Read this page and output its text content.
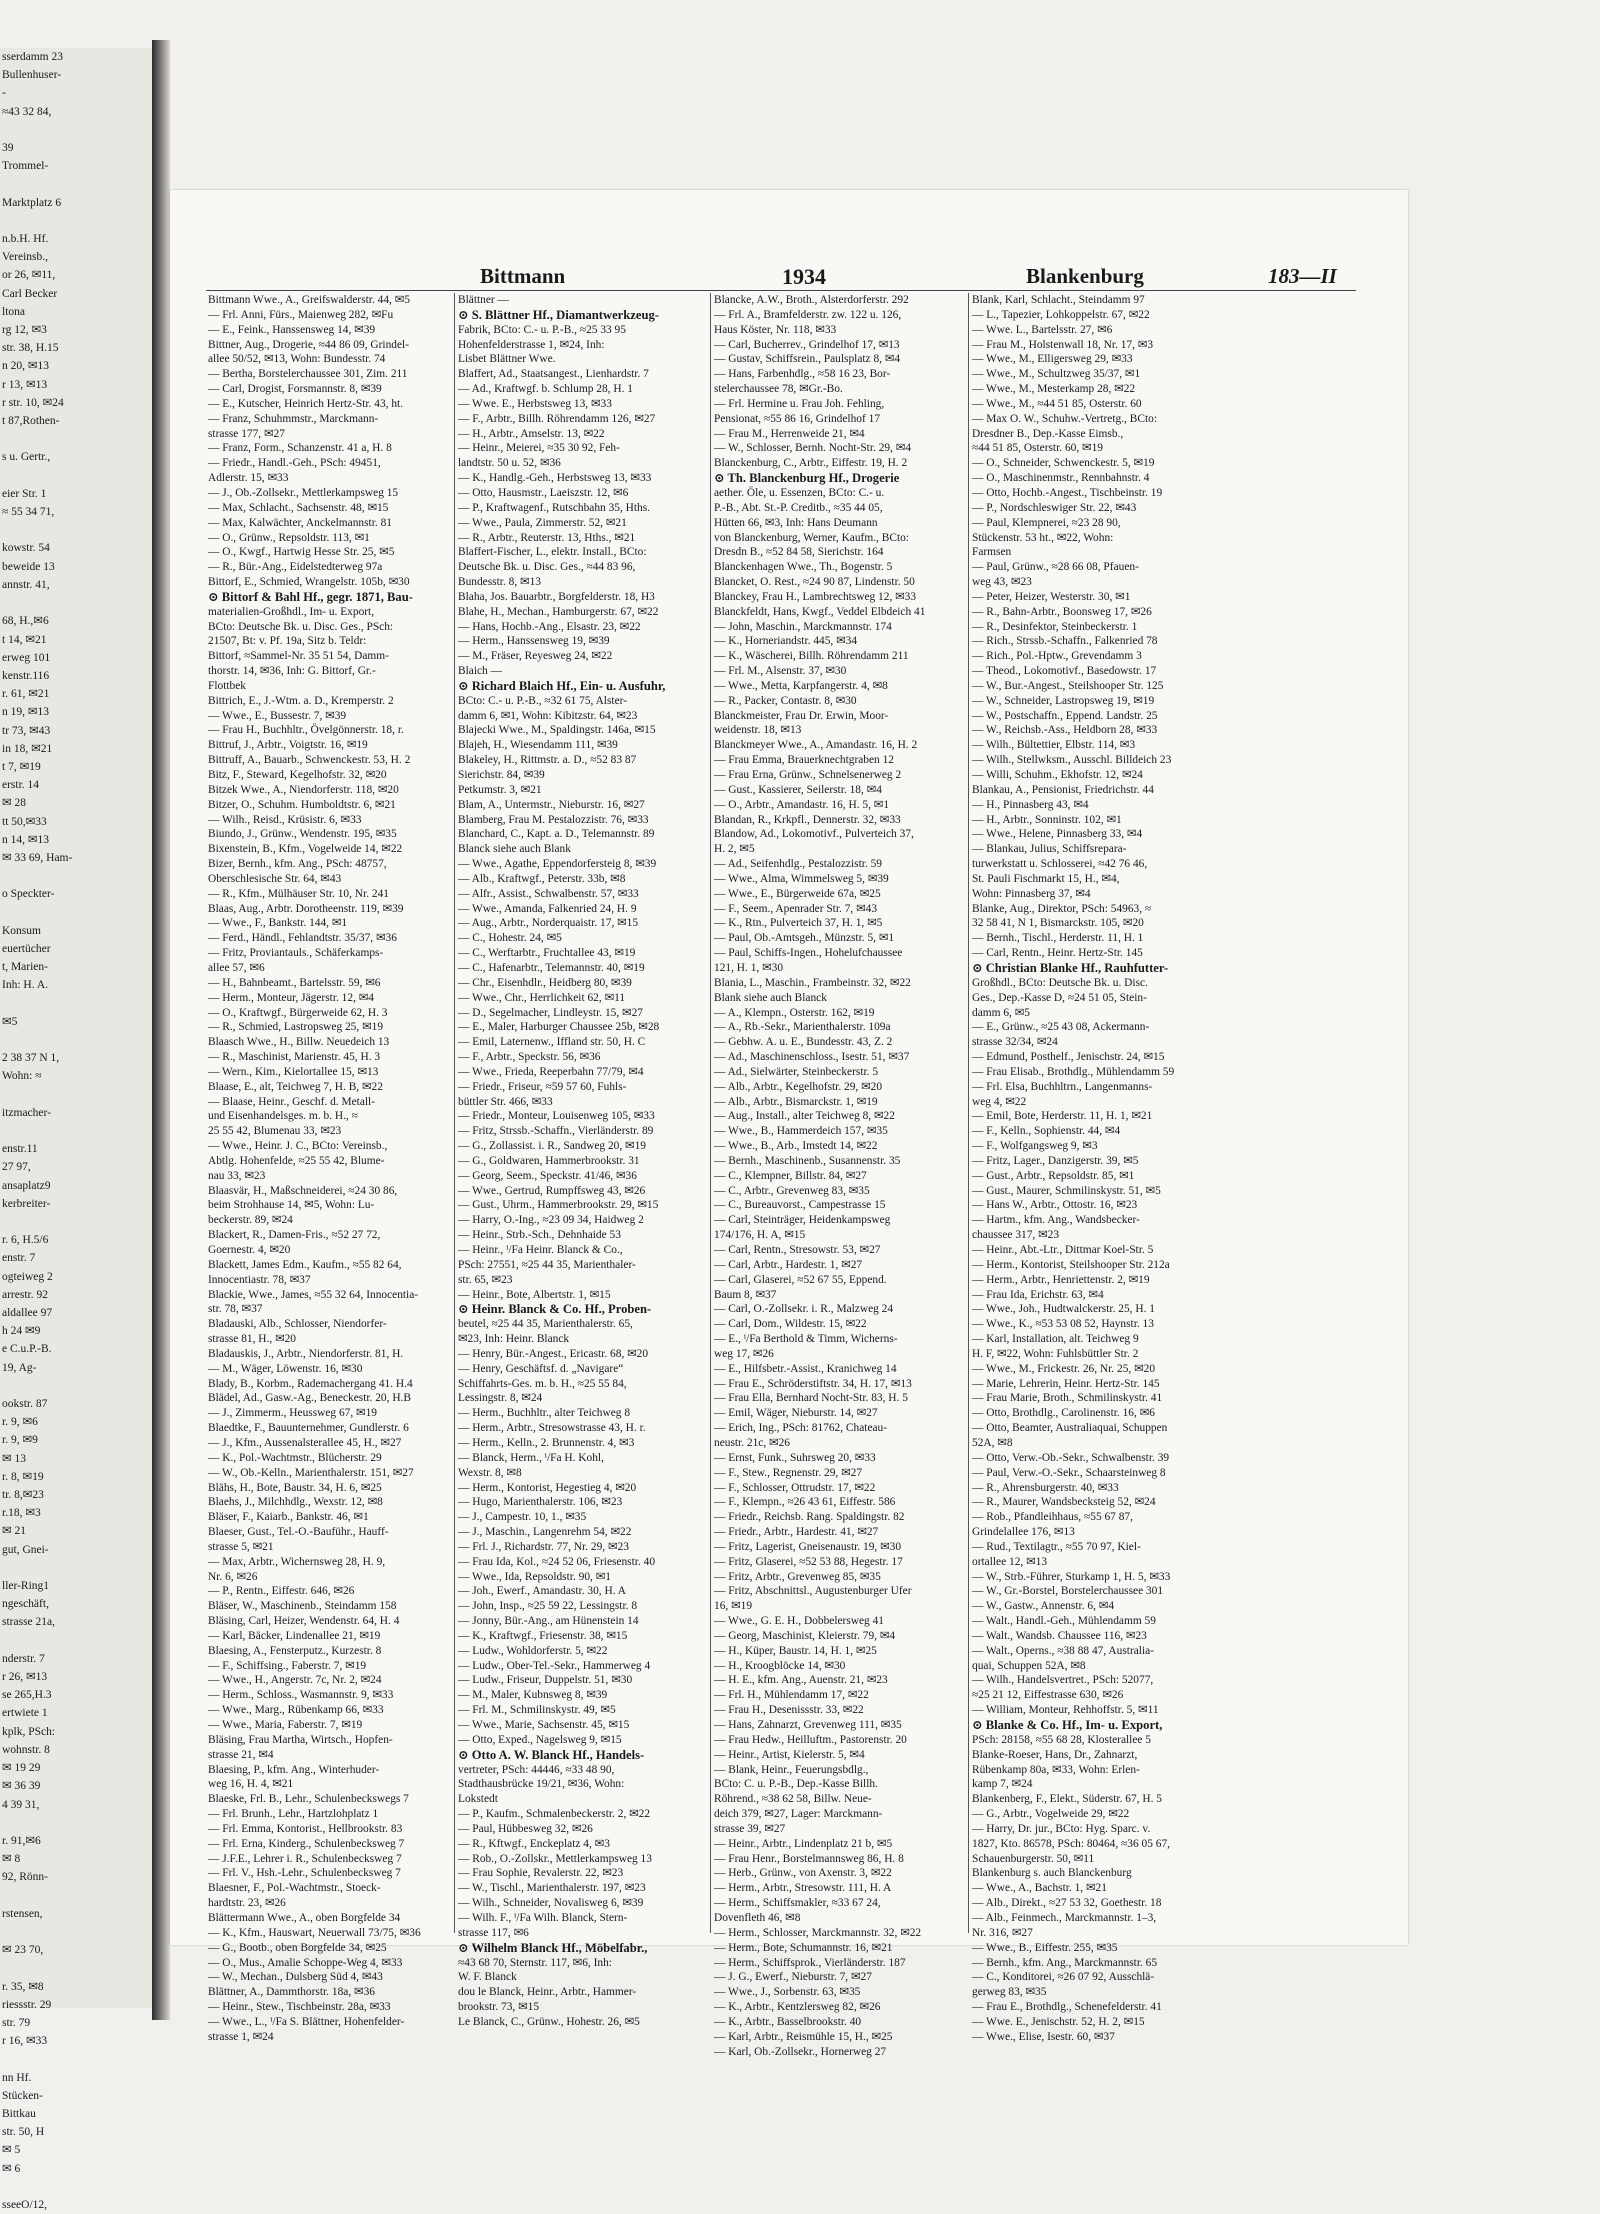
sserdamm 23
Bullenhuser-
-
≈43 32 84,

39
Trommel-

Marktplatz 6

n.b.H. Hf.
Vereinsb.,
or 26, ✉11,
Carl Becker
ltona
rg 12, ✉3
str. 38, H.15
n 20, ✉13
r 13, ✉13
r str. 10, ✉24
t 87,Rothen-

s u. Gertr.,

eier Str. 1
≈ 55 34 71,

kowstr. 54
beweide 13
annstr. 41,

68, H.,✉6
t 14, ✉21
erweg 101
kenstr.116
r. 61, ✉21
n 19, ✉13
tr 73, ✉43
in 18, ✉21
t 7, ✉19
erstr. 14
✉ 28
tt 50,✉33
n 14, ✉13
✉ 33 69, Ham-

o Speckter-

Konsum
euertücher
t, Marien-
Inh: H. A.

✉5

2 38 37 N 1,
Wohn: ≈

itzmacher-

enstr.11
27 97,
ansaplatz9
kerbreiter-

r. 6, H.5/6
enstr. 7
ogteiweg 2
arrestr. 92
aldallee 97
h 24 ✉9
e C.u.P.-B.
19, Ag-

ookstr. 87
r. 9, ✉6
r. 9, ✉9
✉ 13
r. 8, ✉19
tr. 8,✉23
r.18, ✉3
✉ 21
gut, Gnei-

ller-Ring1
ngeschäft,
strasse 21a,

nderstr. 7
r 26, ✉13
se 265,H.3
ertwiete 1
kplk, PSch:
wohnstr. 8
✉ 19 29
✉ 36 39
4 39 31,

r. 91,✉6
✉ 8
92, Rönn-

rstensen,

✉ 23 70,

r. 35, ✉8
riessstr. 29
str. 79
r 16, ✉33

nn Hf.
Stücken-
Bittkau
str. 50, H
✉ 5
✉ 6

sseeO/12,
Bittmann	1934	Blankenburg	183—II
Bittmann Wwe., A., Greifswalderstr. 44, ✉5
— Frl. Anni, Fürs., Maienweg 282, ✉Fu
— E., Feink., Hanssensweg 14, ✉39
Bittner, Aug., Drogerie, ≈44 86 09, Grindel-
allee 50/52, ✉13, Wohn: Bundesstr. 74
— Bertha, Borstelerchaussee 301, Zim. 211
— Carl, Drogist, Forsmannstr. 8, ✉39
— E., Kutscher, Heinrich Hertz-Str. 43, ht.
— Franz, Schuhmmstr., Marckmann-
strasse 177, ✉27
— Franz, Form., Schanzenstr. 41 a, H. 8
— Friedr., Handl.-Geh., PSch: 49451,
Adlerstr. 15, ✉33
— J., Ob.-Zollsekr., Mettlerkampsweg 15
— Max, Schlacht., Sachsenstr. 48, ✉15
— Max, Kalwächter, Anckelmannstr. 81
— O., Grünw., Repsoldstr. 113, ✉1
— O., Kwgf., Hartwig Hesse Str. 25, ✉5
— R., Bür.-Ang., Eidelstedterweg 97a
Bittorf, E., Schmied, Wrangelstr. 105b, ✉30
⊙ Bittorf & Bahl Hf., gegr. 1871, Bau-
materialien-Großhdl., Im- u. Export,
BCto: Deutsche Bk. u. Disc. Ges., PSch:
21507, Bt: v. Pf. 19a, Sitz b. Teldr:
Bittorf, ≈Sammel-Nr. 35 51 54, Damm-
thorstr. 14, ✉36, Inh: G. Bittorf, Gr.-
Flottbek
Bittrich, E., J.-Wtm. a. D., Kremperstr. 2
— Wwe., E., Bussestr. 7, ✉39
— Frau H., Buchhltr., Övelgönnerstr. 18, r.
Bittruf, J., Arbtr., Voigtstr. 16, ✉19
Bittruff, A., Bauarb., Schwenckestr. 53, H. 2
Bitz, F., Steward, Kegelhofstr. 32, ✉20
Bitzek Wwe., A., Niendorferstr. 118, ✉20
Bitzer, O., Schuhm. Humboldtstr. 6, ✉21
— Wilh., Reisd., Krüsistr. 6, ✉33
Biundo, J., Grünw., Wendenstr. 195, ✉35
Bixenstein, B., Kfm., Vogelweide 14, ✉22
Bizer, Bernh., kfm. Ang., PSch: 48757,
Oberschlesische Str. 64, ✉43
— R., Kfm., Mülhäuser Str. 10, Nr. 241
Blaas, Aug., Arbtr. Dorotheenstr. 119, ✉39
— Wwe., F., Bankstr. 144, ✉1
— Ferd., Händl., Fehlandtstr. 35/37, ✉36
— Fritz, Proviantauls., Schäferkamps-
allee 57, ✉6
— H., Bahnbeamt., Bartelsstr. 59, ✉6
— Herm., Monteur, Jägerstr. 12, ✉4
— O., Kraftwgf., Bürgerweide 62, H. 3
— R., Schmied, Lastropsweg 25, ✉19
Blaasch Wwe., H., Billw. Neuedeich 13
— R., Maschinist, Marienstr. 45, H. 3
— Wern., Kim., Kielortallee 15, ✉13
Blaase, E., alt, Teichweg 7, H. B, ✉22
— Blaase, Heinr., Geschf. d. Metall-
und Eisenhandelsges. m. b. H., ≈
25 55 42, Blumenau 33, ✉23
— Wwe., Heinr. J. C., BCto: Vereinsb.,
Abtlg. Hohenfelde, ≈25 55 42, Blume-
nau 33, ✉23
Blaasvär, H., Maßschneiderei, ≈24 30 86,
beim Strohhause 14, ✉5, Wohn: Lu-
beckerstr. 89, ✉24
Blackert, R., Damen-Fris., ≈52 27 72,
Goernestr. 4, ✉20
Blackett, James Edm., Kaufm., ≈55 82 64,
Innocentiastr. 78, ✉37
Blackie, Wwe., James, ≈55 32 64, Innocentia-
str. 78, ✉37
Bladauski, Alb., Schlosser, Niendorfer-
strasse 81, H., ✉20
Bladauskis, J., Arbtr., Niendorferstr. 81, H.
— M., Wäger, Löwenstr. 16, ✉30
Blady, B., Korbm., Rademachergang 41. H.4
Blädel, Ad., Gasw.-Ag., Beneckestr. 20, H.B
— J., Zimmerm., Heussweg 67, ✉19
Blaedtke, F., Bauunternehmer, Gundlerstr. 6
— J., Kfm., Aussenalsterallee 45, H., ✉27
— K., Pol.-Wachtmstr., Blücherstr. 29
— W., Ob.-Kelln., Marienthalerstr. 151, ✉27
Blähs, H., Bote, Baustr. 34, H. 6, ✉25
Blaehs, J., Milchhdlg., Wexstr. 12, ✉8
Bläser, F., Kaiarb., Bankstr. 46, ✉1
Blaeser, Gust., Tel.-O.-Bauführ., Hauff-
strasse 5, ✉21
— Max, Arbtr., Wichernsweg 28, H. 9,
Nr. 6, ✉26
— P., Rentn., Eiffestr. 646, ✉26
Bläser, W., Maschinenb., Steindamm 158
Bläsing, Carl, Heizer, Wendenstr. 64, H. 4
— Karl, Bäcker, Lindenallee 21, ✉19
Blaesing, A., Fensterputz., Kurzestr. 8
— F., Schiffsing., Faberstr. 7, ✉19
— Wwe., H., Angerstr. 7c, Nr. 2, ✉24
— Herm., Schloss., Wasmannstr. 9, ✉33
— Wwe., Marg., Rübenkamp 66, ✉33
— Wwe., Maria, Faberstr. 7, ✉19
Bläsing, Frau Martha, Wirtsch., Hopfen-
strasse 21, ✉4
Blaesing, P., kfm. Ang., Winterhuder-
weg 16, H. 4, ✉21
Blaeske, Frl. B., Lehr., Schulenbeckswegs 7
— Frl. Brunh., Lehr., Hartzlohplatz 1
— Frl. Emma, Kontorist., Hellbrookstr. 83
— Frl. Erna, Kinderg., Schulenbecksweg 7
— J.F.E., Lehrer i. R., Schulenbecksweg 7
— Frl. V., Hsh.-Lehr., Schulenbecksweg 7
Blaesner, F., Pol.-Wachtmstr., Stoeck-
hardtstr. 23, ✉26
Blättermann Wwe., A., oben Borgfelde 34
— K., Kfm., Hauswart, Neuerwall 73/75, ✉36
— G., Bootb., oben Borgfelde 34, ✉25
— O., Mus., Amalie Schoppe-Weg 4, ✉33
— W., Mechan., Dulsberg Süd 4, ✉43
Blättner, A., Dammthorstr. 18a, ✉36
— Heinr., Stew., Tischbeinstr. 28a, ✉33
— Wwe., L., ⁱ/Fa S. Blättner, Hohenfelder-
strasse 1, ✉24
Blättner —
⊙ S. Blättner Hf., Diamantwerkzeug-
Fabrik, BCto: C.- u. P.-B., ≈25 33 95
Hohenfelderstrasse 1, ✉24, Inh:
Lisbet Blättner Wwe.
Blaffert, Ad., Staatsangest., Lienhardstr. 7
— Ad., Kraftwgf. b. Schlump 28, H. 1
— Wwe. E., Herbstsweg 13, ✉33
— F., Arbtr., Billh. Röhrendamm 126, ✉27
— H., Arbtr., Amselstr. 13, ✉22
— Heinr., Meierei, ≈35 30 92, Feh-
landtstr. 50 u. 52, ✉36
— K., Handlg.-Geh., Herbstsweg 13, ✉33
— Otto, Hausmstr., Laeiszstr. 12, ✉6
— P., Kraftwagenf., Rutschbahn 35, Hths.
— Wwe., Paula, Zimmerstr. 52, ✉21
— R., Arbtr., Reuterstr. 13, Hths., ✉21
Blaffert-Fischer, L., elektr. Install., BCto:
Deutsche Bk. u. Disc. Ges., ≈44 83 96,
Bundesstr. 8, ✉13
Blaha, Jos. Bauarbtr., Borgfelderstr. 18, H3
Blahe, H., Mechan., Hamburgerstr. 67, ✉22
— Hans, Hochb.-Ang., Elsastr. 23, ✉22
— Herm., Hanssensweg 19, ✉39
— M., Fräser, Reyesweg 24, ✉22
Blaich —
⊙ Richard Blaich Hf., Ein- u. Ausfuhr,
BCto: C.- u. P.-B., ≈32 61 75, Alster-
damm 6, ✉1, Wohn: Kibitzstr. 64, ✉23
Blajecki Wwe., M., Spaldingstr. 146a, ✉15
Blajeh, H., Wiesendamm 111, ✉39
Blakeley, H., Rittmstr. a. D., ≈52 83 87
Sierichstr. 84, ✉39
Petkumstr. 3, ✉21
Blam, A., Untermstr., Nieburstr. 16, ✉27
Blamberg, Frau M. Pestalozzistr. 76, ✉33
Blanchard, C., Kapt. a. D., Telemannstr. 89
Blanck siehe auch Blank
— Wwe., Agathe, Eppendorfersteig 8, ✉39
— Alb., Kraftwgf., Peterstr. 33b, ✉8
— Alfr., Assist., Schwalbenstr. 57, ✉33
— Wwe., Amanda, Falkenried 24, H. 9
— Aug., Arbtr., Norderquaistr. 17, ✉15
— C., Hohestr. 24, ✉5
— C., Werftarbtr., Fruchtallee 43, ✉19
— C., Hafenarbtr., Telemannstr. 40, ✉19
— Chr., Eisenhdlr., Heidberg 80, ✉39
— Wwe., Chr., Herrlichkeit 62, ✉11
— D., Segelmacher, Lindleystr. 15, ✉27
— E., Maler, Harburger Chaussee 25b, ✉28
— Emil, Laternenw., Iffland str. 50, H. C
— F., Arbtr., Speckstr. 56, ✉36
— Wwe., Frieda, Reeperbahn 77/79, ✉4
— Friedr., Friseur, ≈59 57 60, Fuhls-
büttler Str. 466, ✉33
— Friedr., Monteur, Louisenweg 105, ✉33
— Fritz, Strssb.-Schaffn., Vierländerstr. 89
— G., Zollassist. i. R., Sandweg 20, ✉19
— G., Goldwaren, Hammerbrookstr. 31
— Georg, Seem., Speckstr. 41/46, ✉36
— Wwe., Gertrud, Rumpffsweg 43, ✉26
— Gust., Uhrm., Hammerbrookstr. 29, ✉15
— Harry, O.-Ing., ≈23 09 34, Haidweg 2
— Heinr., Strb.-Sch., Dehnhaide 53
— Heinr., ⁱ/Fa Heinr. Blanck & Co.,
PSch: 27551, ≈25 44 35, Marienthaler-
str. 65, ✉23
— Heinr., Bote, Albertstr. 1, ✉15
⊙ Heinr. Blanck & Co. Hf., Proben-
beutel, ≈25 44 35, Marienthalerstr. 65,
✉23, Inh: Heinr. Blanck
— Henry, Bür.-Angest., Ericastr. 68, ✉20
— Henry, Geschäftsf. d. „Navigare“
Schiffahrts-Ges. m. b. H., ≈25 55 84,
Lessingstr. 8, ✉24
— Herm., Buchhltr., alter Teichweg 8
— Herm., Arbtr., Stresowstrasse 43, H. r.
— Herm., Kelln., 2. Brunnenstr. 4, ✉3
— Blanck, Herm., ⁱ/Fa H. Kohl,
Wexstr. 8, ✉8
— Herm., Kontorist, Hegestieg 4, ✉20
— Hugo, Marienthalerstr. 106, ✉23
— J., Campestr. 10, 1., ✉35
— J., Maschin., Langenrehm 54, ✉22
— Frl. J., Richardstr. 77, Nr. 29, ✉23
— Frau Ida, Kol., ≈24 52 06, Friesenstr. 40
— Wwe., Ida, Repsoldstr. 90, ✉1
— Joh., Ewerf., Amandastr. 30, H. A
— John, Insp., ≈25 59 22, Lessingstr. 8
— Jonny, Bür.-Ang., am Hünenstein 14
— K., Kraftwgf., Friesenstr. 38, ✉15
— Ludw., Wohldorferstr. 5, ✉22
— Ludw., Ober-Tel.-Sekr., Hammerweg 4
— Ludw., Friseur, Duppelstr. 51, ✉30
— M., Maler, Kubnsweg 8, ✉39
— Frl. M., Schmilinskystr. 49, ✉5
— Wwe., Marie, Sachsenstr. 45, ✉15
— Otto, Exped., Nagelsweg 9, ✉15
⊙ Otto A. W. Blanck Hf., Handels-
vertreter, PSch: 44446, ≈33 48 90,
Stadthausbrücke 19/21, ✉36, Wohn:
Lokstedt
— P., Kaufm., Schmalenbeckerstr. 2, ✉22
— Paul, Hübbesweg 32, ✉26
— R., Kftwgf., Enckeplatz 4, ✉3
— Rob., O.-Zollskr., Mettlerkampsweg 13
— Frau Sophie, Revalerstr. 22, ✉23
— W., Tischl., Marienthalerstr. 197, ✉23
— Wilh., Schneider, Novalisweg 6, ✉39
— Wilh. F., ⁱ/Fa Wilh. Blanck, Stern-
strasse 117, ✉6
⊙ Wilhelm Blanck Hf., Möbelfabr.,
≈43 68 70, Sternstr. 117, ✉6, Inh:
W. F. Blanck
dou le Blanck, Heinr., Arbtr., Hammer-
brookstr. 73, ✉15
Le Blanck, C., Grünw., Hohestr. 26, ✉5
Blancke, A.W., Broth., Alsterdorferstr. 292
— Frl. A., Bramfelderstr. zw. 122 u. 126,
Haus Köster, Nr. 118, ✉33
— Carl, Bucherrev., Grindelhof 17, ✉13
— Gustav, Schiffsrein., Paulsplatz 8, ✉4
— Hans, Farbenhdlg., ≈58 16 23, Bor-
stelerchaussee 78, ✉Gr.-Bo.
— Frl. Hermine u. Frau Joh. Fehling,
Pensionat, ≈55 86 16, Grindelhof 17
— Frau M., Herrenweide 21, ✉4
— W., Schlosser, Bernh. Nocht-Str. 29, ✉4
Blanckenburg, C., Arbtr., Eiffestr. 19, H. 2
⊙ Th. Blanckenburg Hf., Drogerie
aether. Öle, u. Essenzen, BCto: C.- u.
P.-B., Abt. St.-P. Creditb., ≈35 44 05,
Hütten 66, ✉3, Inh: Hans Deumann
von Blanckenburg, Werner, Kaufm., BCto:
Dresdn B., ≈52 84 58, Sierichstr. 164
Blanckenhagen Wwe., Th., Bogenstr. 5
Blancket, O. Rest., ≈24 90 87, Lindenstr. 50
Blanckey, Frau H., Lambrechtsweg 12, ✉33
Blanckfeldt, Hans, Kwgf., Veddel Elbdeich 41
— John, Maschin., Marckmannstr. 174
— K., Horneriandstr. 445, ✉34
— K., Wäscherei, Billh. Röhrendamm 211
— Frl. M., Alsenstr. 37, ✉30
— Wwe., Metta, Karpfangerstr. 4, ✉8
— R., Packer, Contastr. 8, ✉30
Blanckmeister, Frau Dr. Erwin, Moor-
weidenstr. 18, ✉13
Blanckmeyer Wwe., A., Amandastr. 16, H. 2
— Frau Emma, Brauerknechtgraben 12
— Frau Erna, Grünw., Schnelsenerweg 2
— Gust., Kassierer, Seilerstr. 18, ✉4
— O., Arbtr., Amandastr. 16, H. 5, ✉1
Blandan, R., Krkpfl., Dennerstr. 32, ✉33
Blandow, Ad., Lokomotivf., Pulverteich 37,
H. 2, ✉5
— Ad., Seifenhdlg., Pestalozzistr. 59
— Wwe., Alma, Wimmelsweg 5, ✉39
— Wwe., E., Bürgerweide 67a, ✉25
— F., Seem., Apenrader Str. 7, ✉43
— K., Rtn., Pulverteich 37, H. 1, ✉5
— Paul, Ob.-Amtsgeh., Münzstr. 5, ✉1
— Paul, Schiffs-Ingen., Hohelufchaussee
121, H. 1, ✉30
Blania, L., Maschin., Frambeinstr. 32, ✉22
Blank siehe auch Blanck
— A., Klempn., Osterstr. 162, ✉19
— A., Rb.-Sekr., Marienthalerstr. 109a
— Gebhw. A. u. E., Bundesstr. 43, Z. 2
— Ad., Maschinenschloss., Isestr. 51, ✉37
— Ad., Sielwärter, Steinbeckerstr. 5
— Alb., Arbtr., Kegelhofstr. 29, ✉20
— Alb., Arbtr., Bismarckstr. 1, ✉19
— Aug., Install., alter Teichweg 8, ✉22
— Wwe., B., Hammerdeich 157, ✉35
— Wwe., B., Arb., Imstedt 14, ✉22
— Bernh., Maschinenb., Susannenstr. 35
— C., Klempner, Billstr. 84, ✉27
— C., Arbtr., Grevenweg 83, ✉35
— C., Bureauvorst., Campestrasse 15
— Carl, Steinträger, Heidenkampsweg
174/176, H. A, ✉15
— Carl, Rentn., Stresowstr. 53, ✉27
— Carl, Arbtr., Hardestr. 1, ✉27
— Carl, Glaserei, ≈52 67 55, Eppend.
Baum 8, ✉37
— Carl, O.-Zollsekr. i. R., Malzweg 24
— Carl, Dom., Wildestr. 15, ✉22
— E., ⁱ/Fa Berthold & Timm, Wicherns-
weg 17, ✉26
— E., Hilfsbetr.-Assist., Kranichweg 14
— Frau E., Schröderstiftstr. 34, H. 17, ✉13
— Frau Ella, Bernhard Nocht-Str. 83, H. 5
— Emil, Wäger, Nieburstr. 14, ✉27
— Erich, Ing., PSch: 81762, Chateau-
neustr. 21c, ✉26
— Ernst, Funk., Suhrsweg 20, ✉33
— F., Stew., Regnenstr. 29, ✉27
— F., Schlosser, Ottrudstr. 17, ✉22
— F., Klempn., ≈26 43 61, Eiffestr. 586
— Friedr., Reichsb. Rang. Spaldingstr. 82
— Friedr., Arbtr., Hardestr. 41, ✉27
— Fritz, Lagerist, Gneisenaustr. 19, ✉30
— Fritz, Glaserei, ≈52 53 88, Hegestr. 17
— Fritz, Arbtr., Grevenweg 85, ✉35
— Fritz, Abschnittsl., Augustenburger Ufer
16, ✉19
— Wwe., G. E. H., Dobbelersweg 41
— Georg, Maschinist, Kleierstr. 79, ✉4
— H., Küper, Baustr. 14, H. 1, ✉25
— H., Kroogblöcke 14, ✉30
— H. E., kfm. Ang., Auenstr. 21, ✉23
— Frl. H., Mühlendamm 17, ✉22
— Frau H., Desenissstr. 33, ✉22
— Hans, Zahnarzt, Grevenweg 111, ✉35
— Frau Hedw., Heilluftm., Pastorenstr. 20
— Heinr., Artist, Kielerstr. 5, ✉4
— Blank, Heinr., Feuerungsbdlg.,
BCto: C. u. P.-B., Dep.-Kasse Billh.
Röhrend., ≈38 62 58, Billw. Neue-
deich 379, ✉27, Lager: Marckmann-
strasse 39, ✉27
— Heinr., Arbtr., Lindenplatz 21 b, ✉5
— Frau Henr., Borstelmannsweg 86, H. 8
— Herb., Grünw., von Axenstr. 3, ✉22
— Herm., Arbtr., Stresowstr. 111, H. A
— Herm., Schiffsmakler, ≈33 67 24,
Dovenfleth 46, ✉8
— Herm., Schlosser, Marckmannstr. 32, ✉22
— Herm., Bote, Schumannstr. 16, ✉21
— Herm., Schiffsprok., Vierländerstr. 187
— J. G., Ewerf., Nieburstr. 7, ✉27
— Wwe., J., Sorbenstr. 63, ✉35
— K., Arbtr., Kentzlersweg 82, ✉26
— K., Arbtr., Basselbrookstr. 40
— Karl, Arbtr., Reismühle 15, H., ✉25
— Karl, Ob.-Zollsekr., Hornerweg 27
Blank, Karl, Schlacht., Steindamm 97
— L., Tapezier, Lohkoppelstr. 67, ✉22
— Wwe. L., Bartelsstr. 27, ✉6
— Frau M., Holstenwall 18, Nr. 17, ✉3
— Wwe., M., Elligersweg 29, ✉33
— Wwe., M., Schultzweg 35/37, ✉1
— Wwe., M., Mesterkamp 28, ✉22
— Wwe., M., ≈44 51 85, Osterstr. 60
— Max O. W., Schuhw.-Vertretg., BCto:
Dresdner B., Dep.-Kasse Eimsb.,
≈44 51 85, Osterstr. 60, ✉19
— O., Schneider, Schwenckestr. 5, ✉19
— O., Maschinenmstr., Rennbahnstr. 4
— Otto, Hochb.-Angest., Tischbeinstr. 19
— P., Nordschleswiger Str. 22, ✉43
— Paul, Klempnerei, ≈23 28 90,
Stückenstr. 53 ht., ✉22, Wohn:
Farmsen
— Paul, Grünw., ≈28 66 08, Pfauen-
weg 43, ✉23
— Peter, Heizer, Westerstr. 30, ✉1
— R., Bahn-Arbtr., Boonsweg 17, ✉26
— R., Desinfektor, Steinbeckerstr. 1
— Rich., Strssb.-Schaffn., Falkenried 78
— Rich., Pol.-Hptw., Grevendamm 3
— Theod., Lokomotivf., Basedowstr. 17
— W., Bur.-Angest., Steilshooper Str. 125
— W., Schneider, Lastropsweg 19, ✉19
— W., Postschaffn., Eppend. Landstr. 25
— W., Reichsb.-Ass., Heldborn 28, ✉33
— Wilh., Bültettier, Elbstr. 114, ✉3
— Wilh., Stellwksm., Ausschl. Billdeich 23
— Willi, Schuhm., Ekhofstr. 12, ✉24
Blankau, A., Pensionist, Friedrichstr. 44
— H., Pinnasberg 43, ✉4
— H., Arbtr., Sonninstr. 102, ✉1
— Wwe., Helene, Pinnasberg 33, ✉4
— Blankau, Julius, Schiffsrepara-
turwerkstatt u. Schlosserei, ≈42 76 46,
St. Pauli Fischmarkt 15, H., ✉4,
Wohn: Pinnasberg 37, ✉4
Blanke, Aug., Direktor, PSch: 54963, ≈
32 58 41, N 1, Bismarckstr. 105, ✉20
— Bernh., Tischl., Herderstr. 11, H. 1
— Carl, Rentn., Heinr. Hertz-Str. 145
⊙ Christian Blanke Hf., Rauhfutter-
Großhdl., BCto: Deutsche Bk. u. Disc.
Ges., Dep.-Kasse D, ≈24 51 05, Stein-
damm 6, ✉5
— E., Grünw., ≈25 43 08, Ackermann-
strasse 32/34, ✉24
— Edmund, Posthelf., Jenischstr. 24, ✉15
— Frau Elisab., Brothdlg., Mühlendamm 59
— Frl. Elsa, Buchhltrn., Langenmanns-
weg 4, ✉22
— Emil, Bote, Herderstr. 11, H. 1, ✉21
— F., Kelln., Sophienstr. 44, ✉4
— F., Wolfgangsweg 9, ✉3
— Fritz, Lager., Danzigerstr. 39, ✉5
— Gust., Arbtr., Repsoldstr. 85, ✉1
— Gust., Maurer, Schmilinskystr. 51, ✉5
— Hans W., Arbtr., Ottostr. 16, ✉23
— Hartm., kfm. Ang., Wandsbecker-
chaussee 317, ✉23
— Heinr., Abt.-Ltr., Dittmar Koel-Str. 5
— Herm., Kontorist, Steilshooper Str. 212a
— Herm., Arbtr., Henriettenstr. 2, ✉19
— Frau Ida, Erichstr. 63, ✉4
— Wwe., Joh., Hudtwalckerstr. 25, H. 1
— Wwe., K., ≈53 53 08 52, Haynstr. 13
— Karl, Installation, alt. Teichweg 9
H. F, ✉22, Wohn: Fuhlsbüttler Str. 2
— Wwe., M., Frickestr. 26, Nr. 25, ✉20
— Marie, Lehrerin, Heinr. Hertz-Str. 145
— Frau Marie, Broth., Schmilinskystr. 41
— Otto, Brothdlg., Carolinenstr. 16, ✉6
— Otto, Beamter, Australiaquai, Schuppen
52A, ✉8
— Otto, Verw.-Ob.-Sekr., Schwalbenstr. 39
— Paul, Verw.-O.-Sekr., Schaarsteinweg 8
— R., Ahrensburgerstr. 40, ✉33
— R., Maurer, Wandsbecksteig 52, ✉24
— Rob., Pfandleihhaus, ≈55 67 87,
Grindelallee 176, ✉13
— Rud., Textilagtr., ≈55 70 97, Kiel-
ortallee 12, ✉13
— W., Strb.-Führer, Sturkamp 1, H. 5, ✉33
— W., Gr.-Borstel, Borstelerchaussee 301
— W., Gastw., Annenstr. 6, ✉4
— Walt., Handl.-Geh., Mühlendamm 59
— Walt., Wandsb. Chaussee 116, ✉23
— Walt., Operns., ≈38 88 47, Australia-
quai, Schuppen 52A, ✉8
— Wilh., Handelsvertret., PSch: 52077,
≈25 21 12, Eiffestrasse 630, ✉26
— William, Monteur, Rehhoffstr. 5, ✉11
⊙ Blanke & Co. Hf., Im- u. Export,
PSch: 28158, ≈55 68 28, Klosterallee 5
Blanke-Roeser, Hans, Dr., Zahnarzt,
Rübenkamp 80a, ✉33, Wohn: Erlen-
kamp 7, ✉24
Blankenberg, F., Elekt., Süderstr. 67, H. 5
— G., Arbtr., Vogelweide 29, ✉22
— Harry, Dr. jur., BCto: Hyg. Sparc. v.
1827, Kto. 86578, PSch: 80464, ≈36 05 67,
Schauenburgerstr. 50, ✉11
Blankenburg s. auch Blanckenburg
— Wwe., A., Bachstr. 1, ✉21
— Alb., Direkt., ≈27 53 32, Goethestr. 18
— Alb., Feinmech., Marckmannstr. 1–3,
Nr. 316, ✉27
— Wwe., B., Eiffestr. 255, ✉35
— Bernh., kfm. Ang., Marckmannstr. 65
— C., Konditorei, ≈26 07 92, Ausschlä-
gerweg 83, ✉35
— Frau E., Brothdlg., Schenefelderstr. 41
— Wwe. E., Jenischstr. 52, H. 2, ✉15
— Wwe., Elise, Isestr. 60, ✉37
